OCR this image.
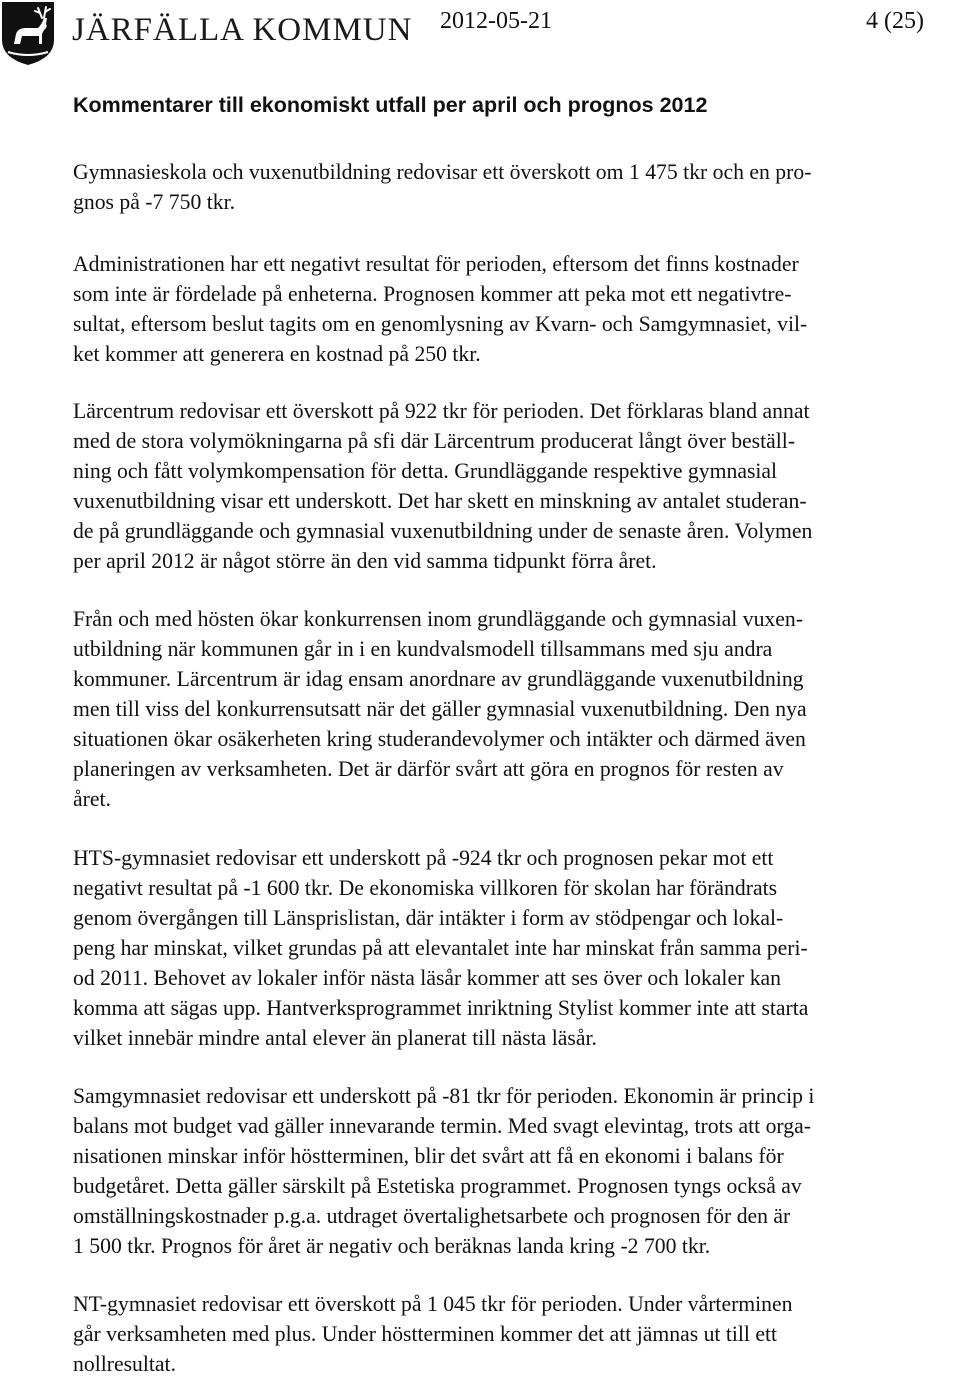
JÄRFÄLLA KOMMUN 2012-05-21	4 (25)
Kommentarer till ekonomiskt utfall per april och prognos 2012
Gymnasieskola och vuxenutbildning redovisar ett överskott om 1 475 tkr och en pro-
gnos på -7 750 tkr.
Administrationen har ett negativt resultat för perioden, eftersom det finns kostnader
som inte är fördelade på enheterna. Prognosen kommer att peka mot ett negativtre-
sultat, eftersom beslut tagits om en genomlysning av Kvarn- och Samgymnasiet, vil-
ket kommer att generera en kostnad på 250 tkr.
Lärcentrum redovisar ett överskott på 922 tkr för perioden. Det förklaras bland annat
med de stora volymökningarna på sfi där Lärcentrum producerat långt över beställ-
ning och fått volymkompensation för detta. Grundläggande respektive gymnasial
vuxenutbildning visar ett underskott. Det har skett en minskning av antalet studeran-
de på grundläggande och gymnasial vuxenutbildning under de senaste åren. Volymen
per april 2012 är något större än den vid samma tidpunkt förra året.
Från och med hösten ökar konkurrensen inom grundläggande och gymnasial vuxen-
utbildning när kommunen går in i en kundvalsmodell tillsammans med sju andra
kommuner. Lärcentrum är idag ensam anordnare av grundläggande vuxenutbildning
men till viss del konkurrensutsatt när det gäller gymnasial vuxenutbildning. Den nya
situationen ökar osäkerheten kring studerandevolymer och intäkter och därmed även
planeringen av verksamheten. Det är därför svårt att göra en prognos för resten av
året.
HTS-gymnasiet redovisar ett underskott på -924 tkr och prognosen pekar mot ett
negativt resultat på -1 600 tkr. De ekonomiska villkoren för skolan har förändrats
genom övergången till Länsprislistan, där intäkter i form av stödpengar och lokal-
peng har minskat, vilket grundas på att elevantalet inte har minskat från samma peri-
od 2011. Behovet av lokaler inför nästa läsår kommer att ses över och lokaler kan
komma att sägas upp. Hantverksprogrammet inriktning Stylist kommer inte att starta
vilket innebär mindre antal elever än planerat till nästa läsår.
Samgymnasiet redovisar ett underskott på -81 tkr för perioden. Ekonomin är princip i
balans mot budget vad gäller innevarande termin. Med svagt elevintag, trots att orga-
nisationen minskar inför höstterminen, blir det svårt att få en ekonomi i balans för
budgetåret. Detta gäller särskilt på Estetiska programmet. Prognosen tyngs också av
omställningskostnader p.g.a. utdraget övertalighetsarbete och prognosen för den är
1 500 tkr. Prognos för året är negativ och beräknas landa kring -2 700 tkr.
NT-gymnasiet redovisar ett överskott på 1 045 tkr för perioden. Under vårterminen
går verksamheten med plus. Under höstterminen kommer det att jämnas ut till ett
nollresultat.
